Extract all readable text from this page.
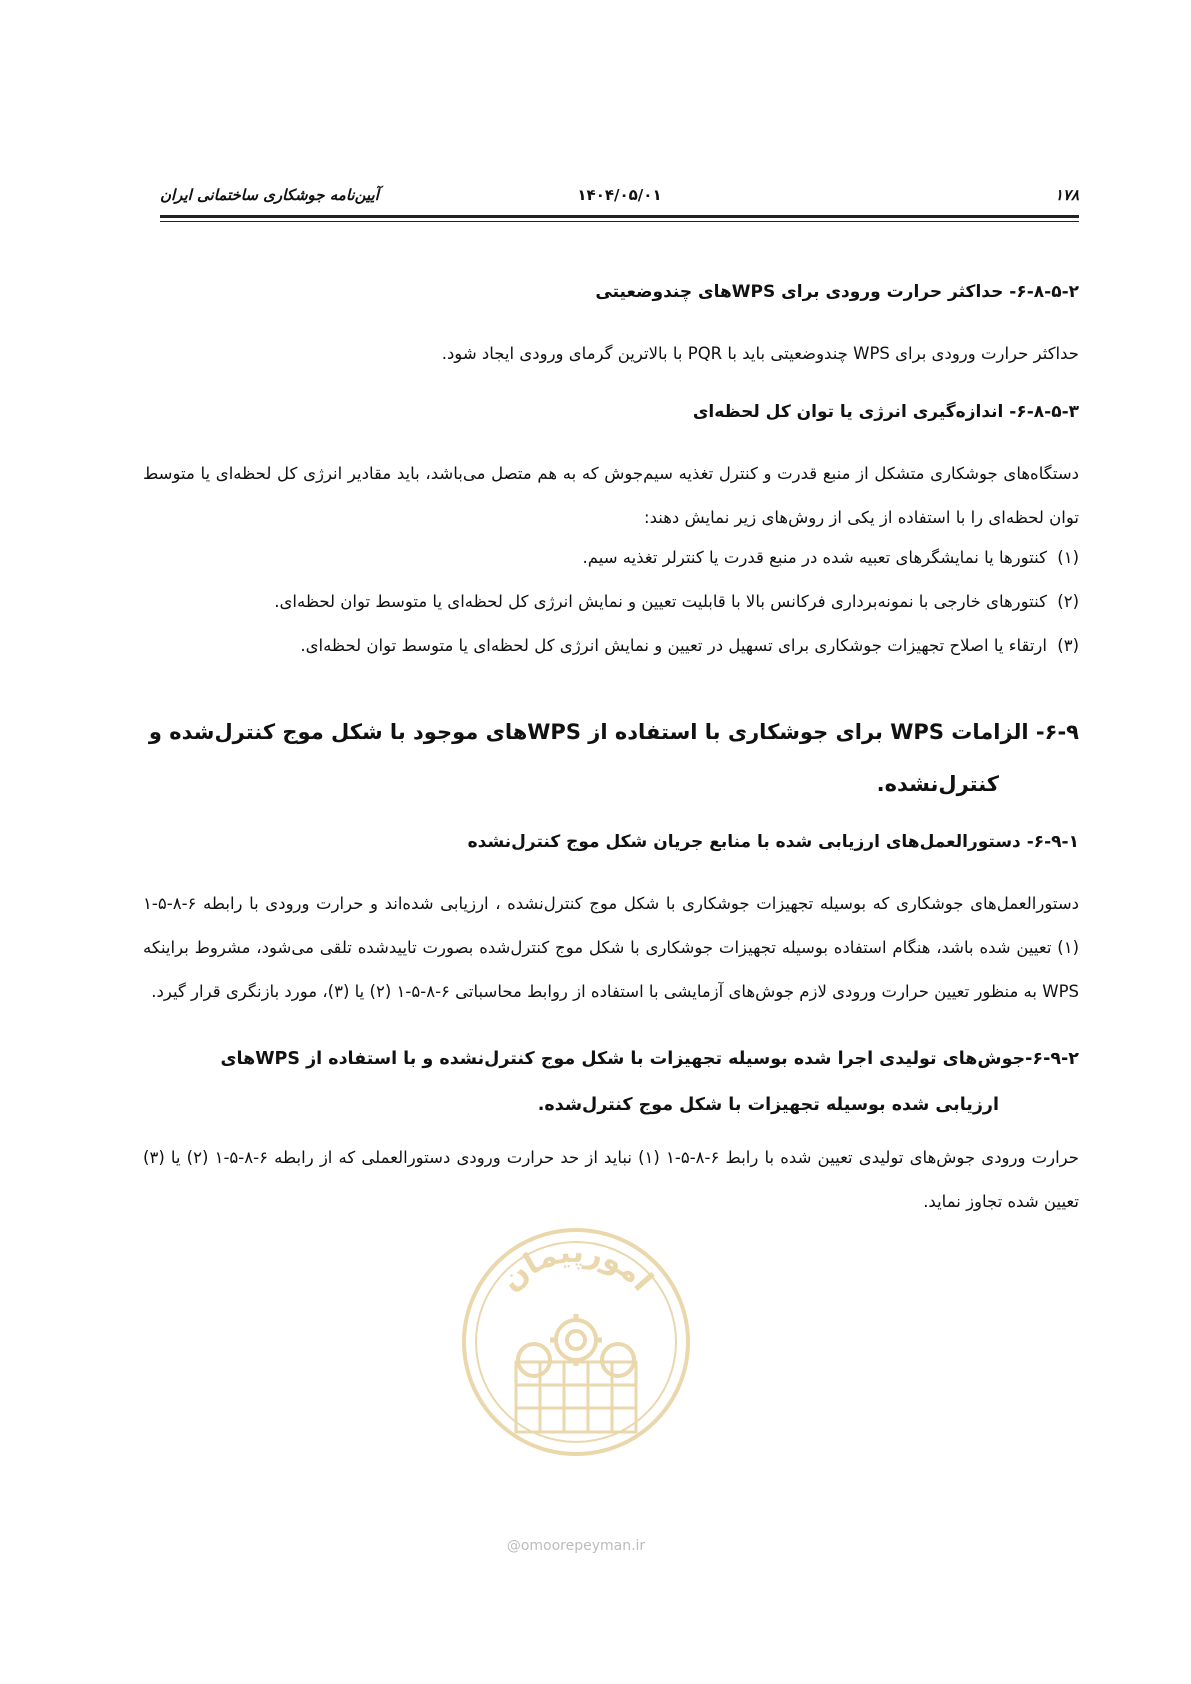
۱۷۸
۱۴۰۴/۰۵/۰۱
آیین‌نامه جوشکاری ساختمانی ایران
۶-۸-۵-۲- حداکثر حرارت ورودی برای WPSهای چندوضعیتی

حداکثر حرارت ورودی برای WPS چندوضعیتی باید با PQR با بالاترین گرمای ورودی ایجاد شود.

۶-۸-۵-۳- اندازه‌گیری انرژی یا توان کل لحظه‌ای

دستگاه‌های جوشکاری متشکل از منبع قدرت و کنترل تغذیه سیم‌جوش که به هم متصل می‌باشد، باید مقادیر انرژی کل لحظه‌ای یا متوسط توان لحظه‌ای را با استفاده از یکی از روش‌های زیر نمایش دهند:

(۱)
کنتورها یا نمایشگرهای تعبیه شده در منبع قدرت یا کنترلر تغذیه سیم.
(۲)
کنتورهای خارجی با نمونه‌برداری فرکانس بالا با قابلیت تعیین و نمایش انرژی کل لحظه‌ای یا متوسط توان لحظه‌ای.
(۳)
ارتقاء یا اصلاح تجهیزات جوشکاری برای تسهیل در تعیین و نمایش انرژی کل لحظه‌ای یا متوسط توان لحظه‌ای.
۶-۹- الزامات WPS برای جوشکاری با استفاده از WPSهای موجود با شکل موج کنترل‌شده و
کنترل‌نشده.
۶-۹-۱- دستورالعمل‌های ارزیابی شده با منابع جریان شکل موج کنترل‌نشده

دستورالعمل‌های جوشکاری که بوسیله تجهیزات جوشکاری با شکل موج کنترل‌نشده ، ارزیابی شده‌اند و حرارت ورودی با رابطه ۶-۸-۵-۱ (۱) تعیین شده باشد، هنگام استفاده بوسیله تجهیزات جوشکاری با شکل موج کنترل‌شده بصورت تاییدشده تلقی می‌شود، مشروط براینکه WPS به منظور تعیین حرارت ورودی لازم جوش‌های آزمایشی با استفاده از روابط محاسباتی ۶-۸-۵-۱ (۲) یا (۳)، مورد بازنگری قرار گیرد.

۶-۹-۲-جوش‌های تولیدی اجرا شده بوسیله تجهیزات با شکل موج کنترل‌نشده و با استفاده از WPSهای
ارزیابی شده بوسیله تجهیزات با شکل موج کنترل‌شده.

حرارت ورودی جوش‌های تولیدی تعیین شده با رابط ۶-۸-۵-۱ (۱) نباید از حد حرارت ورودی دستورالعملی که از رابطه ۶-۸-۵-۱ (۲) یا (۳) تعیین شده تجاوز نماید.

امورپیمان
@omoorepeyman.ir
